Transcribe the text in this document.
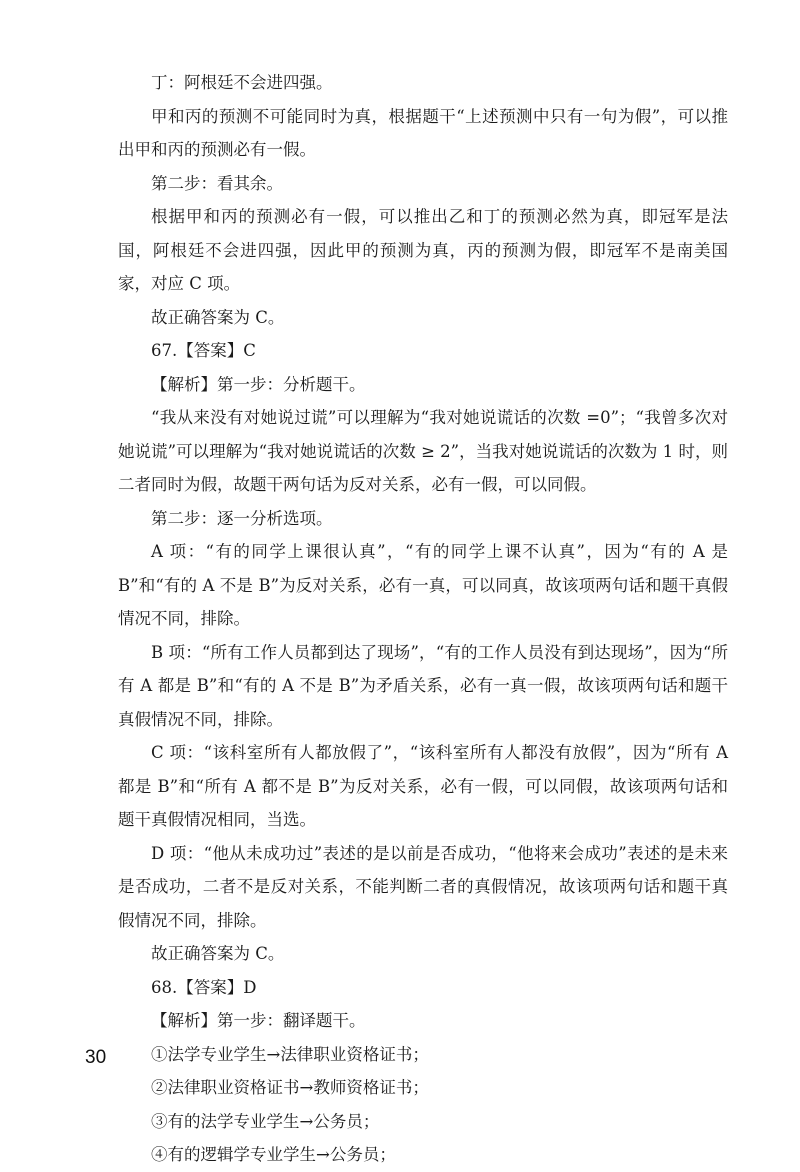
丁：阿根廷不会进四强。

甲和丙的预测不可能同时为真，根据题干“上述预测中只有一句为假”，可以推出甲和丙的预测必有一假。

第二步：看其余。

根据甲和丙的预测必有一假，可以推出乙和丁的预测必然为真，即冠军是法国，阿根廷不会进四强，因此甲的预测为真，丙的预测为假，即冠军不是南美国家，对应 C 项。

故正确答案为 C。

67.【答案】C

【解析】第一步：分析题干。

“我从来没有对她说过谎”可以理解为“我对她说谎话的次数 =0”；“我曾多次对她说谎”可以理解为“我对她说谎话的次数 ≥ 2”，当我对她说谎话的次数为 1 时，则二者同时为假，故题干两句话为反对关系，必有一假，可以同假。

第二步：逐一分析选项。

A 项：“有的同学上课很认真”，“有的同学上课不认真”，因为“有的 A 是 B”和“有的 A 不是 B”为反对关系，必有一真，可以同真，故该项两句话和题干真假情况不同，排除。

B 项：“所有工作人员都到达了现场”，“有的工作人员没有到达现场”，因为“所有 A 都是 B”和“有的 A 不是 B”为矛盾关系，必有一真一假，故该项两句话和题干真假情况不同，排除。

C 项：“该科室所有人都放假了”，“该科室所有人都没有放假”，因为“所有 A 都是 B”和“所有 A 都不是 B”为反对关系，必有一假，可以同假，故该项两句话和题干真假情况相同，当选。

D 项：“他从未成功过”表述的是以前是否成功，“他将来会成功”表述的是未来是否成功，二者不是反对关系，不能判断二者的真假情况，故该项两句话和题干真假情况不同，排除。

故正确答案为 C。

68.【答案】D

【解析】第一步：翻译题干。

①法学专业学生→法律职业资格证书；

②法律职业资格证书→教师资格证书；

③有的法学专业学生→公务员；

④有的逻辑学专业学生→公务员；

30
